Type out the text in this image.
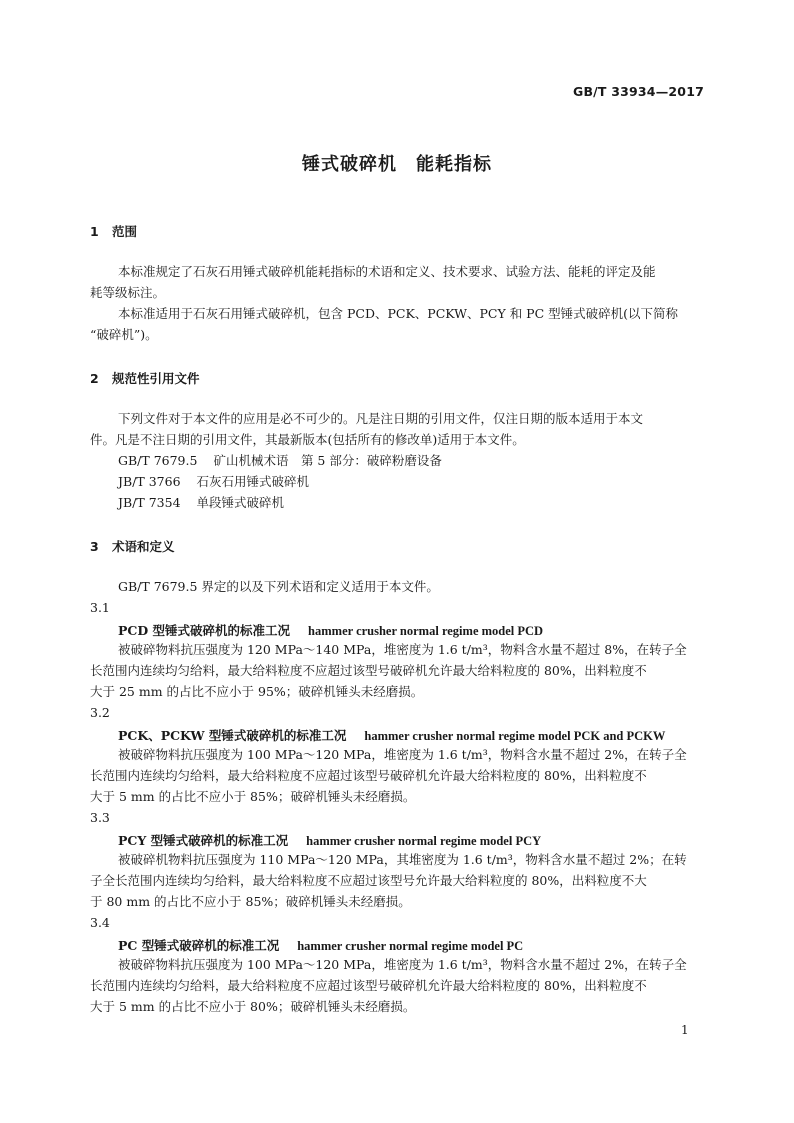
GB/T 33934—2017
锤式破碎机　能耗指标
1 范围
本标准规定了石灰石用锤式破碎机能耗指标的术语和定义、技术要求、试验方法、能耗的评定及能
耗等级标注。
本标准适用于石灰石用锤式破碎机，包含 PCD、PCK、PCKW、PCY 和 PC 型锤式破碎机(以下简称
“破碎机”)。
2 规范性引用文件
下列文件对于本文件的应用是必不可少的。凡是注日期的引用文件，仅注日期的版本适用于本文
件。凡是不注日期的引用文件，其最新版本(包括所有的修改单)适用于本文件。
GB/T 7679.5 矿山机械术语　第 5 部分：破碎粉磨设备
JB/T 3766 石灰石用锤式破碎机
JB/T 7354 单段锤式破碎机
3 术语和定义
GB/T 7679.5 界定的以及下列术语和定义适用于本文件。
3.1
PCD 型锤式破碎机的标准工况 hammer crusher normal regime model PCD
被破碎物料抗压强度为 120 MPa～140 MPa，堆密度为 1.6 t/m³，物料含水量不超过 8%，在转子全
长范围内连续均匀给料，最大给料粒度不应超过该型号破碎机允许最大给料粒度的 80%，出料粒度不
大于 25 mm 的占比不应小于 95%；破碎机锤头未经磨损。
3.2
PCK、PCKW 型锤式破碎机的标准工况 hammer crusher normal regime model PCK and PCKW
被破碎物料抗压强度为 100 MPa～120 MPa，堆密度为 1.6 t/m³，物料含水量不超过 2%，在转子全
长范围内连续均匀给料，最大给料粒度不应超过该型号破碎机允许最大给料粒度的 80%，出料粒度不
大于 5 mm 的占比不应小于 85%；破碎机锤头未经磨损。
3.3
PCY 型锤式破碎机的标准工况 hammer crusher normal regime model PCY
被破碎机物料抗压强度为 110 MPa～120 MPa，其堆密度为 1.6 t/m³，物料含水量不超过 2%；在转
子全长范围内连续均匀给料，最大给料粒度不应超过该型号允许最大给料粒度的 80%，出料粒度不大
于 80 mm 的占比不应小于 85%；破碎机锤头未经磨损。
3.4
PC 型锤式破碎机的标准工况 hammer crusher normal regime model PC
被破碎物料抗压强度为 100 MPa～120 MPa，堆密度为 1.6 t/m³，物料含水量不超过 2%，在转子全
长范围内连续均匀给料，最大给料粒度不应超过该型号破碎机允许最大给料粒度的 80%，出料粒度不
大于 5 mm 的占比不应小于 80%；破碎机锤头未经磨损。
1
